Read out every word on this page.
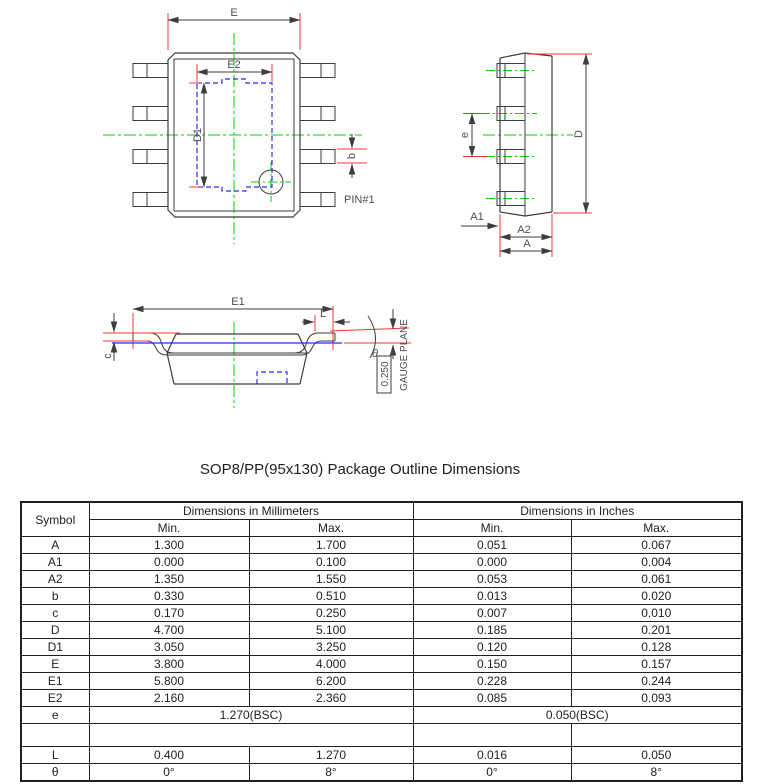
E
E2
D1
b
PIN#1
e	D
A1
A2
A
E1
c
L
θ
0.250 GAUGE PLANE
SOP8/PP(95x130) Package Outline Dimensions
Symbol	Dimensions in Millimeters		Dimensions in Inches	
	Min.	Max.	Min.	Max.
A	1.300	1.700	0.051	0.067
A1	0.000	0.100	0.000	0.004
A2	1.350	1.550	0.053	0.061
b	0.330	0.510	0.013	0.020
c	0.170	0.250	0.007	0.010
D	4.700	5.100	0.185	0.201
D1	3.050	3.250	0.120	0.128
E	3.800	4.000	0.150	0.157
E1	5.800	6.200	0.228	0.244
E2	2.160	2.360	0.085	0.093
e	1.270(BSC)		0.050(BSC)	

L	0.400	1.270	0.016	0.050
θ	0°	8°	0°	8°
